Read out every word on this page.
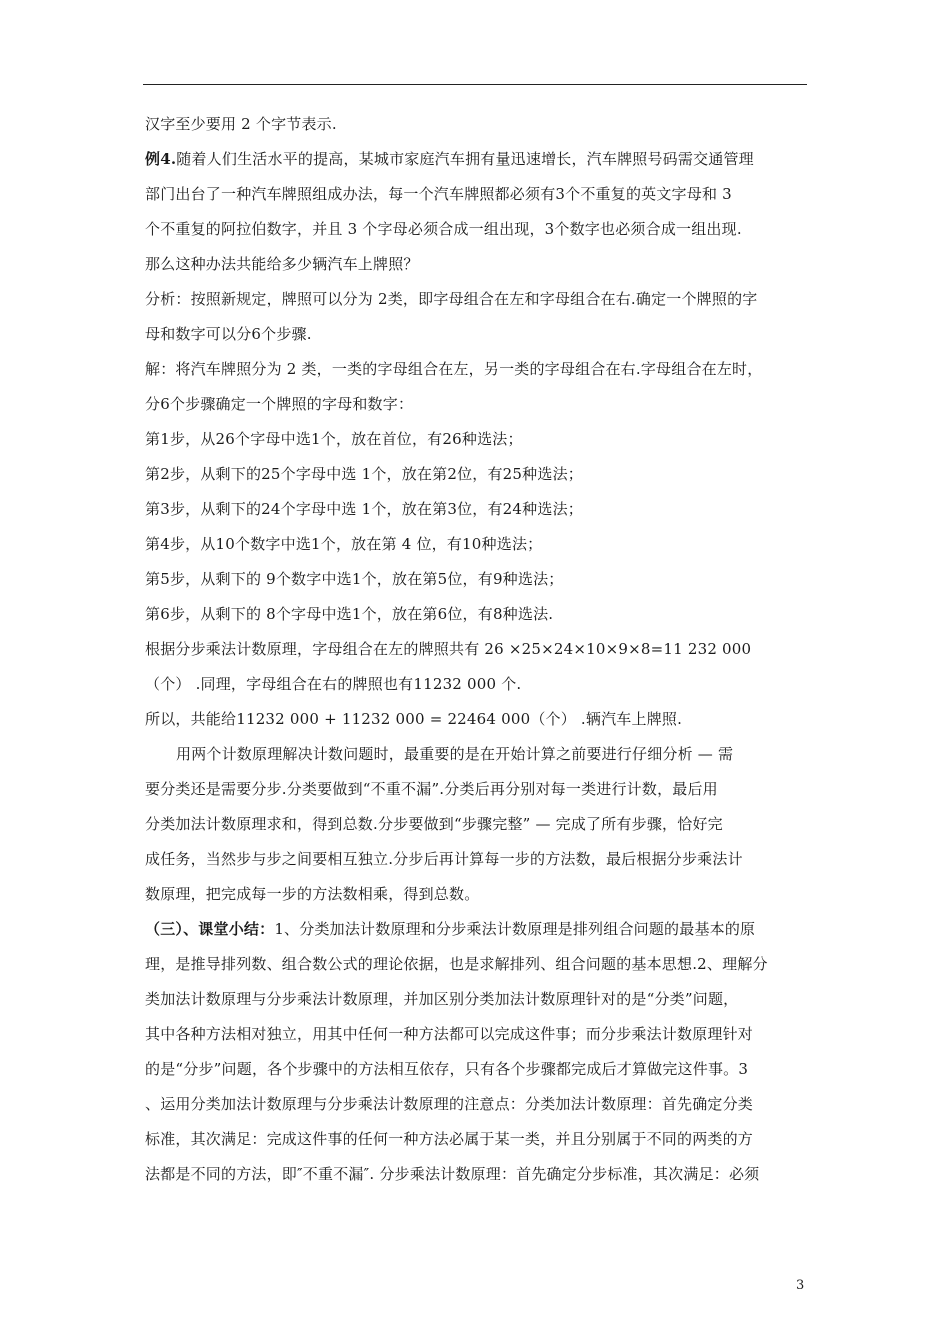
汉字至少要用 2 个字节表示.
例4.随着人们生活水平的提高，某城市家庭汽车拥有量迅速增长，汽车牌照号码需交通管理
部门出台了一种汽车牌照组成办法，每一个汽车牌照都必须有3个不重复的英文字母和 3
个不重复的阿拉伯数字，并且 3 个字母必须合成一组出现，3个数字也必须合成一组出现.
那么这种办法共能给多少辆汽车上牌照？
分析：按照新规定，牌照可以分为 2类，即字母组合在左和字母组合在右.确定一个牌照的字
母和数字可以分6个步骤.
解：将汽车牌照分为 2 类，一类的字母组合在左，另一类的字母组合在右.字母组合在左时，
分6个步骤确定一个牌照的字母和数字：
第1步，从26个字母中选1个，放在首位，有26种选法；
第2步，从剩下的25个字母中选 1个，放在第2位，有25种选法；
第3步，从剩下的24个字母中选 1个，放在第3位，有24种选法；
第4步，从10个数字中选1个，放在第 4 位，有10种选法；
第5步，从剩下的 9个数字中选1个，放在第5位，有9种选法；
第6步，从剩下的 8个字母中选1个，放在第6位，有8种选法.
根据分步乘法计数原理，字母组合在左的牌照共有 26 ×25×24×10×9×8=11 232 000
（个） .同理，字母组合在右的牌照也有11232 000 个.
所以，共能给11232 000 + 11232 000 = 22464 000（个） .辆汽车上牌照.
用两个计数原理解决计数问题时，最重要的是在开始计算之前要进行仔细分析 — 需
要分类还是需要分步.分类要做到“不重不漏”.分类后再分别对每一类进行计数，最后用
分类加法计数原理求和，得到总数.分步要做到“步骤完整” — 完成了所有步骤，恰好完
成任务，当然步与步之间要相互独立.分步后再计算每一步的方法数，最后根据分步乘法计
数原理，把完成每一步的方法数相乘，得到总数。
（三）、课堂小结：1、分类加法计数原理和分步乘法计数原理是排列组合问题的最基本的原
理，是推导排列数、组合数公式的理论依据，也是求解排列、组合问题的基本思想.2、理解分
类加法计数原理与分步乘法计数原理，并加区别分类加法计数原理针对的是“分类”问题，
其中各种方法相对独立，用其中任何一种方法都可以完成这件事；而分步乘法计数原理针对
的是“分步”问题，各个步骤中的方法相互依存，只有各个步骤都完成后才算做完这件事。3
、运用分类加法计数原理与分步乘法计数原理的注意点：分类加法计数原理：首先确定分类
标准，其次满足：完成这件事的任何一种方法必属于某一类，并且分别属于不同的两类的方
法都是不同的方法，即″不重不漏″. 分步乘法计数原理：首先确定分步标准，其次满足：必须
3
